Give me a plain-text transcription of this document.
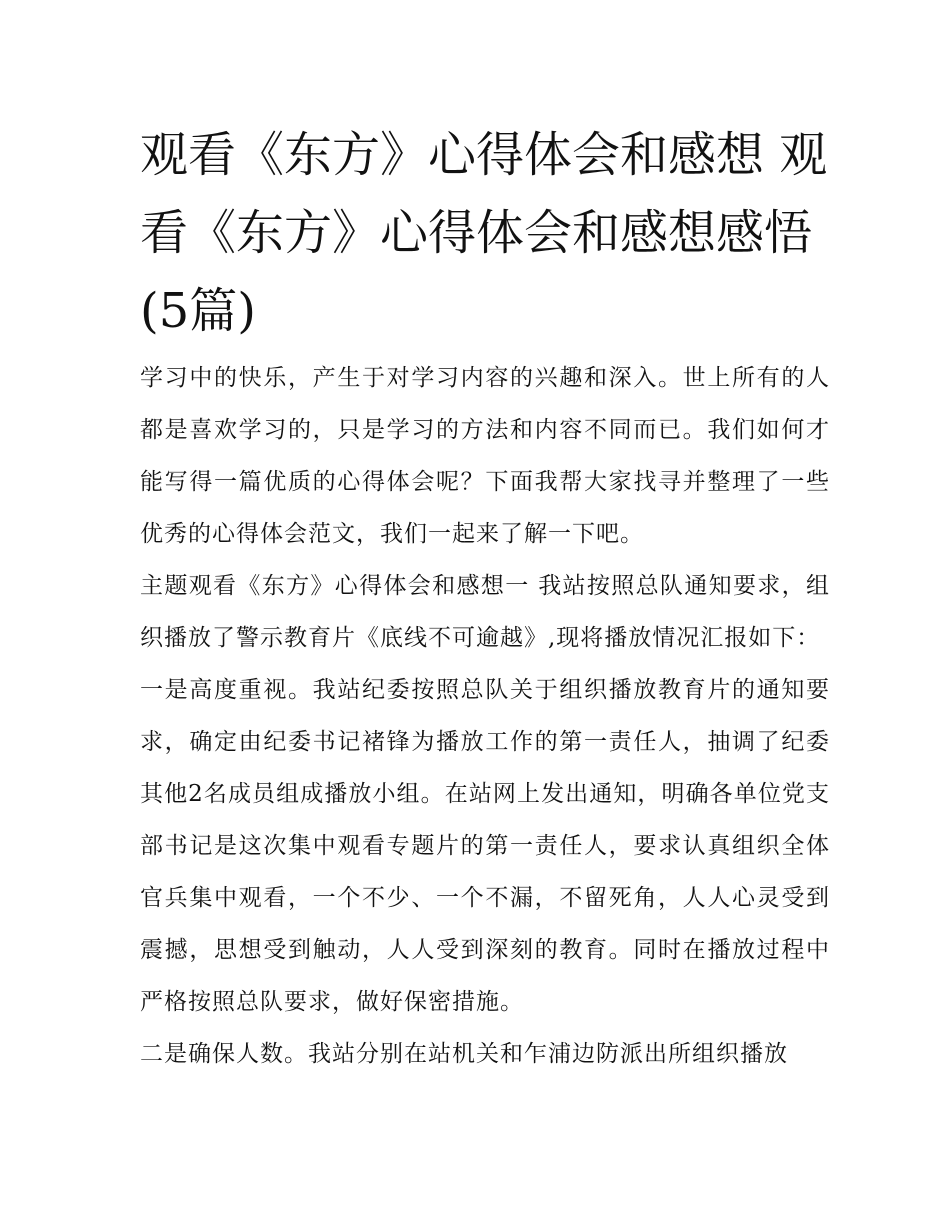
观看《东方》心得体会和感想 观看《东方》心得体会和感想感悟(5篇)

学习中的快乐，产生于对学习内容的兴趣和深入。世上所有的人都是喜欢学习的，只是学习的方法和内容不同而已。我们如何才能写得一篇优质的心得体会呢？下面我帮大家找寻并整理了一些优秀的心得体会范文，我们一起来了解一下吧。

主题观看《东方》心得体会和感想一 我站按照总队通知要求，组织播放了警示教育片《底线不可逾越》,现将播放情况汇报如下：

一是高度重视。我站纪委按照总队关于组织播放教育片的通知要求，确定由纪委书记褚锋为播放工作的第一责任人，抽调了纪委其他2名成员组成播放小组。在站网上发出通知，明确各单位党支部书记是这次集中观看专题片的第一责任人，要求认真组织全体官兵集中观看，一个不少、一个不漏，不留死角，人人心灵受到震撼，思想受到触动，人人受到深刻的教育。同时在播放过程中严格按照总队要求，做好保密措施。

二是确保人数。我站分别在站机关和乍浦边防派出所组织播放
